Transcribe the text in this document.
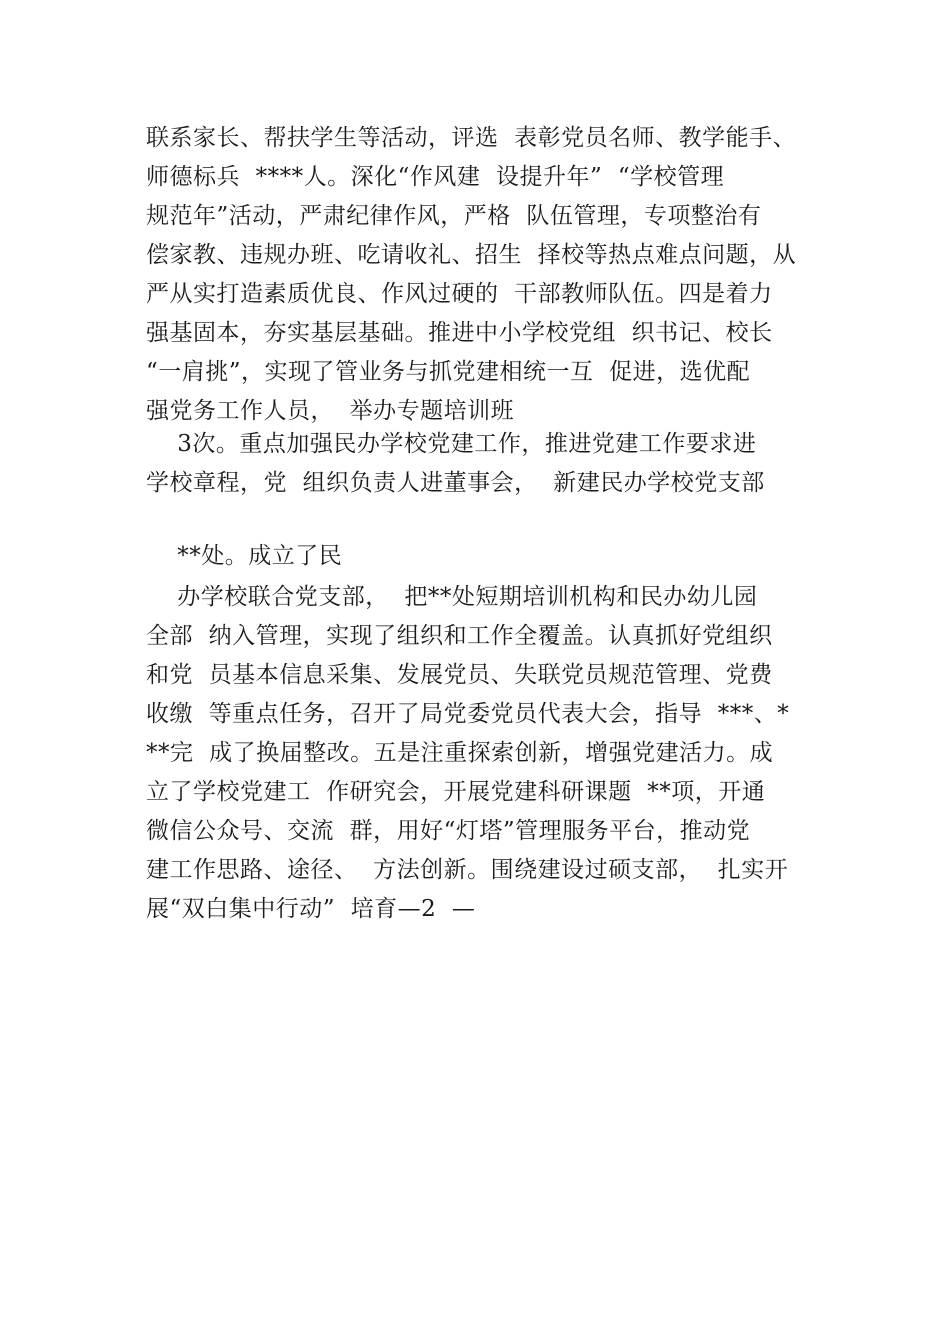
联系家长、帮扶学生等活动，评选  表彰党员名师、教学能手、
师德标兵  ****人。深化“作风建  设提升年”  “学校管理
规范年”活动，严肃纪律作风，严格  队伍管理，专项整治有
偿家教、违规办班、吃请收礼、招生  择校等热点难点问题，从
严从实打造素质优良、作风过硬的  干部教师队伍。四是着力
强基固本，夯实基层基础。推进中小学校党组  织书记、校长
“一肩挑”，实现了管业务与抓党建相统一互  促进，选优配
强党务工作人员，  举办专题培训班
3次。重点加强民办学校党建工作，推进党建工作要求进
学校章程，党  组织负责人进董事会，  新建民办学校党支部
**处。成立了民
办学校联合党支部，  把**处短期培训机构和民办幼儿园
全部  纳入管理，实现了组织和工作全覆盖。认真抓好党组织
和党  员基本信息采集、发展党员、失联党员规范管理、党费
收缴  等重点任务，召开了局党委党员代表大会，指导  ***、*
**完  成了换届整改。五是注重探索创新，增强党建活力。成
立了学校党建工  作研究会，开展党建科研课题  **项，开通
微信公众号、交流  群，用好“灯塔”管理服务平台，推动党
建工作思路、途径、  方法创新。围绕建设过硕支部，  扎实开
展“双白集中行动”  培育—2  —
